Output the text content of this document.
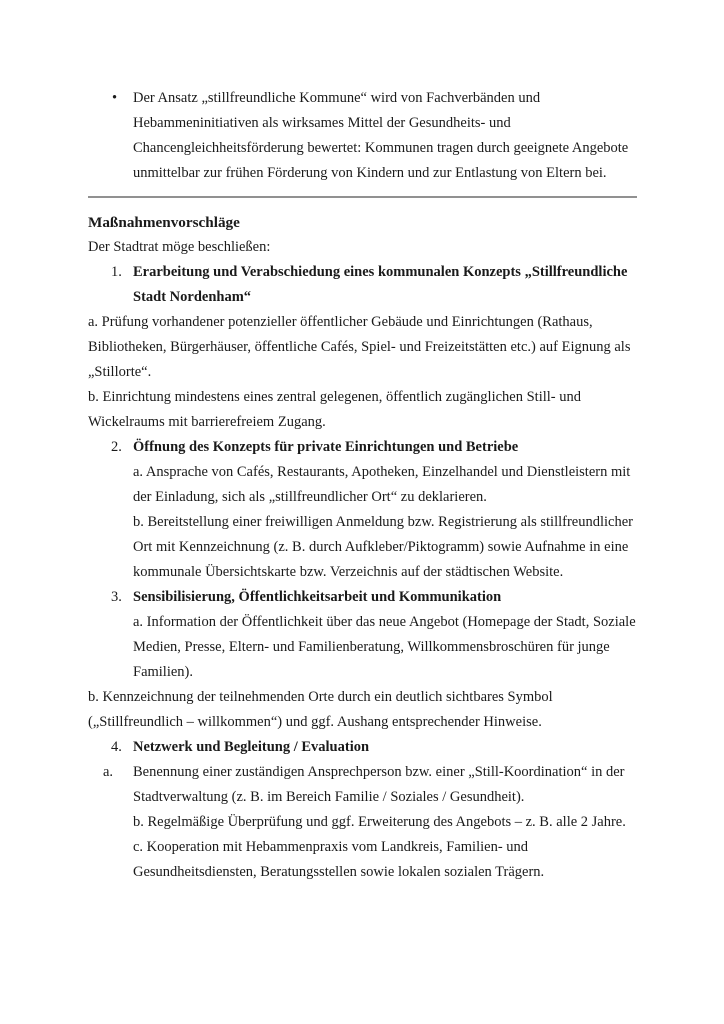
•	Der Ansatz „stillfreundliche Kommune“ wird von Fachverbänden und Hebammeninitiativen als wirksames Mittel der Gesundheits- und Chancengleichheitsförderung bewertet: Kommunen tragen durch geeignete Angebote unmittelbar zur frühen Förderung von Kindern und zur Entlastung von Eltern bei.

Maßnahmenvorschläge

Der Stadtrat möge beschließen:

1. Erarbeitung und Verabschiedung eines kommunalen Konzepts „Stillfreundliche Stadt Nordenham“

a. Prüfung vorhandener potenzieller öffentlicher Gebäude und Einrichtungen (Rathaus, Bibliotheken, Bürgerhäuser, öffentliche Cafés, Spiel- und Freizeitstätten etc.) auf Eignung als „Stillorte“.

b. Einrichtung mindestens eines zentral gelegenen, öffentlich zugänglichen Still- und Wickelraums mit barrierefreiem Zugang.

2. Öffnung des Konzepts für private Einrichtungen und Betriebe

a. Ansprache von Cafés, Restaurants, Apotheken, Einzelhandel und Dienstleistern mit der Einladung, sich als „stillfreundlicher Ort“ zu deklarieren.

b. Bereitstellung einer freiwilligen Anmeldung bzw. Registrierung als stillfreundlicher Ort mit Kennzeichnung (z. B. durch Aufkleber/Piktogramm) sowie Aufnahme in eine kommunale Übersichtskarte bzw. Verzeichnis auf der städtischen Website.

3. Sensibilisierung, Öffentlichkeitsarbeit und Kommunikation

a. Information der Öffentlichkeit über das neue Angebot (Homepage der Stadt, Soziale Medien, Presse, Eltern- und Familienberatung, Willkommensbroschüren für junge Familien).

b. Kennzeichnung der teilnehmenden Orte durch ein deutlich sichtbares Symbol („Stillfreundlich – willkommen“) und ggf. Aushang entsprechender Hinweise.

4. Netzwerk und Begleitung / Evaluation

a.	Benennung einer zuständigen Ansprechperson bzw. einer „Still-Koordination“ in der Stadtverwaltung (z. B. im Bereich Familie / Soziales / Gesundheit).

b. Regelmäßige Überprüfung und ggf. Erweiterung des Angebots – z. B. alle 2 Jahre.

c. Kooperation mit Hebammenpraxis vom Landkreis, Familien- und Gesundheitsdiensten, Beratungsstellen sowie lokalen sozialen Trägern.
